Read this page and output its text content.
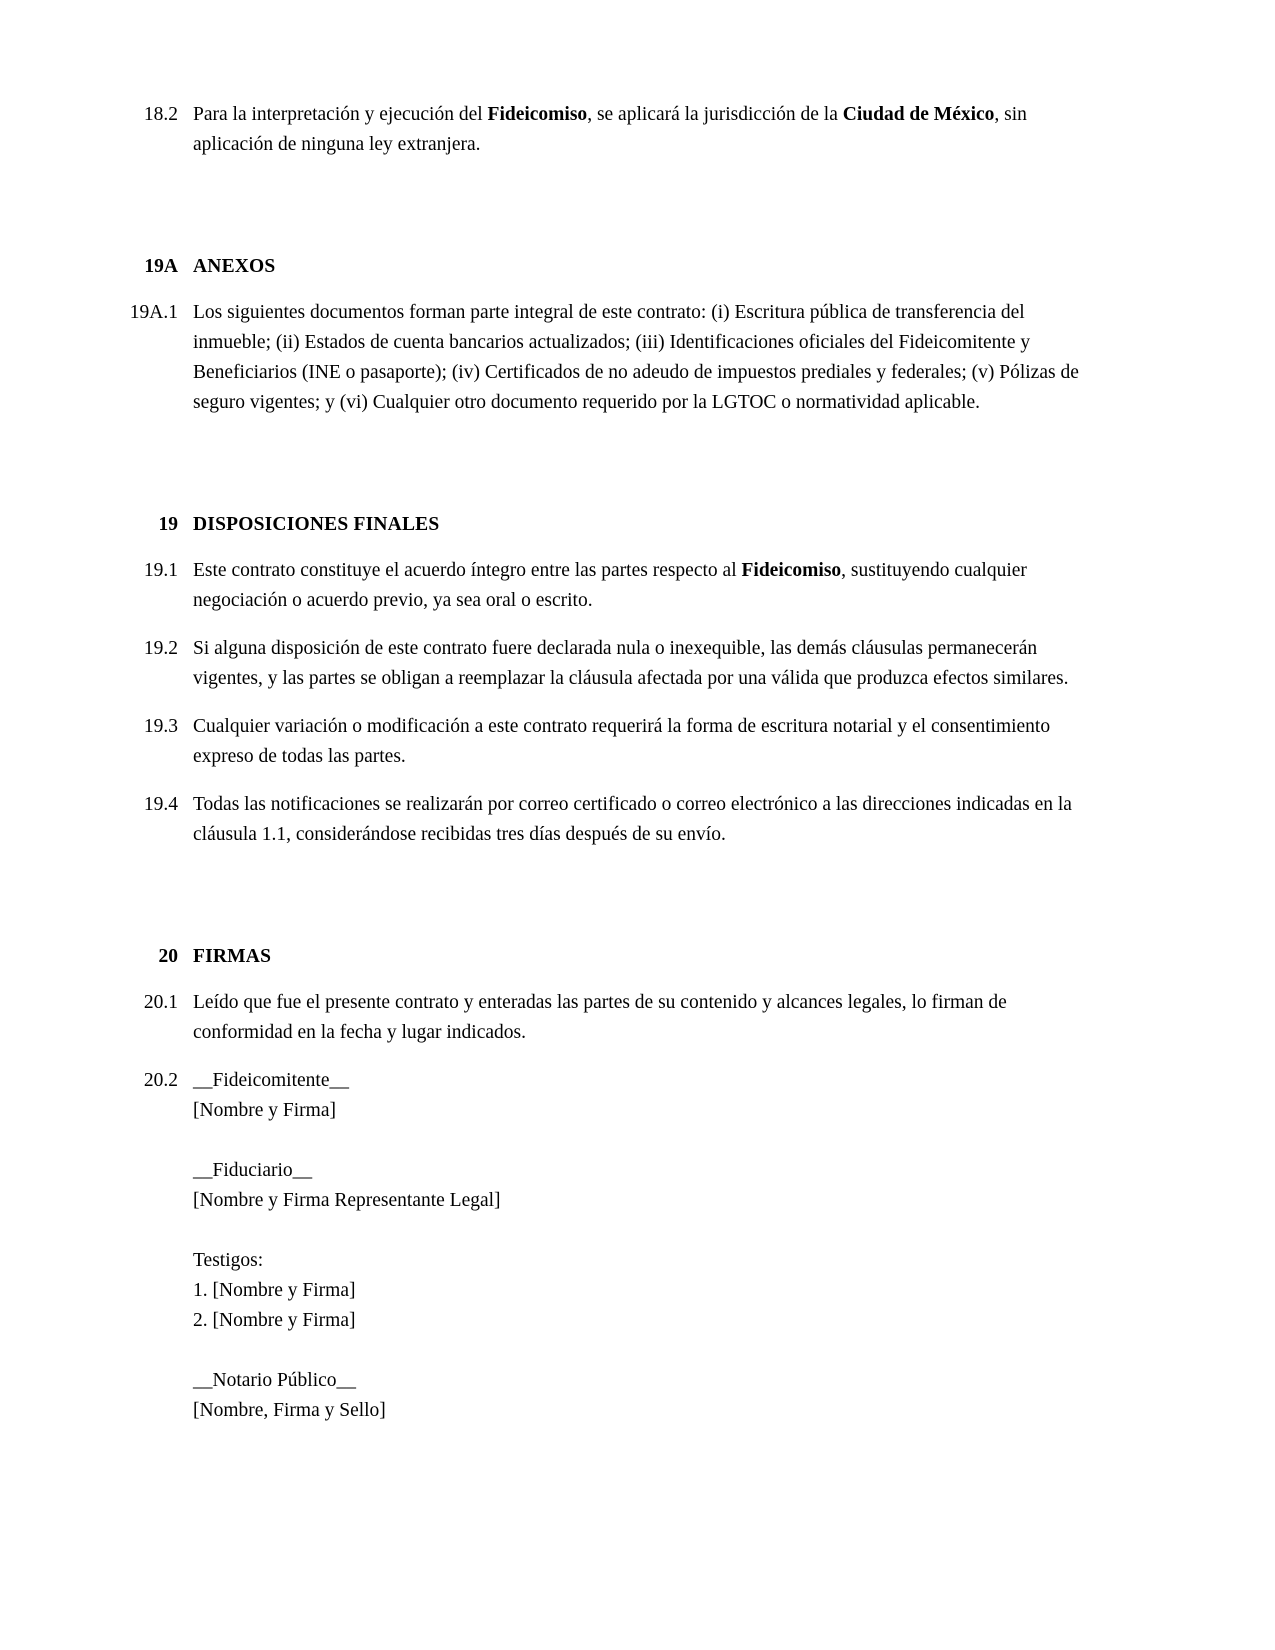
18.2 Para la interpretación y ejecución del Fideicomiso, se aplicará la jurisdicción de la Ciudad de México, sin aplicación de ninguna ley extranjera.
19A ANEXOS
19A.1 Los siguientes documentos forman parte integral de este contrato: (i) Escritura pública de transferencia del inmueble; (ii) Estados de cuenta bancarios actualizados; (iii) Identificaciones oficiales del Fideicomitente y Beneficiarios (INE o pasaporte); (iv) Certificados de no adeudo de impuestos prediales y federales; (v) Pólizas de seguro vigentes; y (vi) Cualquier otro documento requerido por la LGTOC o normatividad aplicable.
19 DISPOSICIONES FINALES
19.1 Este contrato constituye el acuerdo íntegro entre las partes respecto al Fideicomiso, sustituyendo cualquier negociación o acuerdo previo, ya sea oral o escrito.
19.2 Si alguna disposición de este contrato fuere declarada nula o inexequible, las demás cláusulas permanecerán vigentes, y las partes se obligan a reemplazar la cláusula afectada por una válida que produzca efectos similares.
19.3 Cualquier variación o modificación a este contrato requerirá la forma de escritura notarial y el consentimiento expreso de todas las partes.
19.4 Todas las notificaciones se realizarán por correo certificado o correo electrónico a las direcciones indicadas en la cláusula 1.1, considerándose recibidas tres días después de su envío.
20 FIRMAS
20.1 Leído que fue el presente contrato y enteradas las partes de su contenido y alcances legales, lo firman de conformidad en la fecha y lugar indicados.
20.2 __Fideicomitente__
[Nombre y Firma]
__Fiduciario__
[Nombre y Firma Representante Legal]
Testigos:
1. [Nombre y Firma]
2. [Nombre y Firma]
__Notario Público__
[Nombre, Firma y Sello]
